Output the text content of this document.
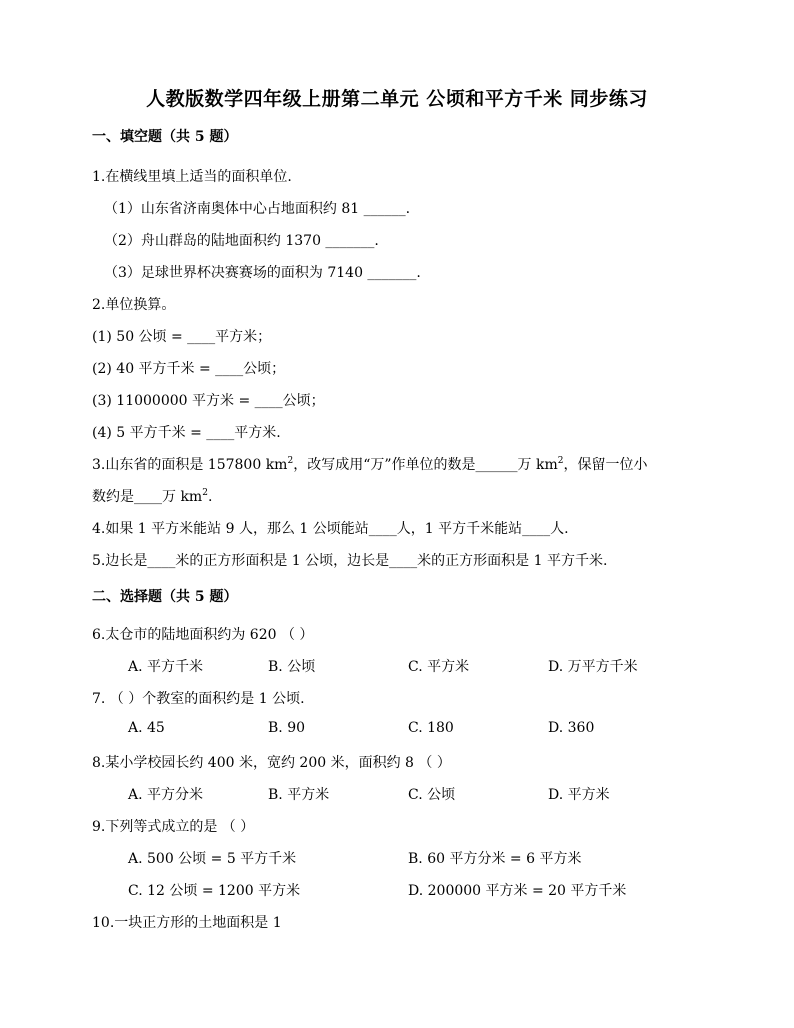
人教版数学四年级上册第二单元 公顷和平方千米 同步练习
一、填空题（共 5 题）
1.在横线里填上适当的面积单位.
（1）山东省济南奥体中心占地面积约 81 ______.
（2）舟山群岛的陆地面积约 1370 _______.
（3）足球世界杯决赛赛场的面积为 7140 _______.
2.单位换算。
(1) 50 公顷 = ____平方米；
(2) 40 平方千米 = ____公顷；
(3) 11000000 平方米 = ____公顷；
(4) 5 平方千米 = ____平方米.
3.山东省的面积是 157800 $km^2$，改写成用“万”作单位的数是______万 $km^2$，保留一位小
数约是____万 $km^2$.
4.如果 1 平方米能站 9 人，那么 1 公顷能站____人，1 平方千米能站____人.
5.边长是____米的正方形面积是 1 公顷，边长是____米的正方形面积是 1 平方千米.
二、选择题（共 5 题）
6.太仓市的陆地面积约为 620 （ ）
A. 平方千米	B. 公顷	C. 平方米	D. 万平方千米
7. （ ）个教室的面积约是 1 公顷.
A. 45	B. 90	C. 180	D. 360
8.某小学校园长约 400 米，宽约 200 米，面积约 8 （ ）
A. 平方分米	B. 平方米	C. 公顷	D. 平方米
9.下列等式成立的是 （ ）
A. 500 公顷 = 5 平方千米	B. 60 平方分米 = 6 平方米
C. 12 公顷 = 1200 平方米	D. 200000 平方米 = 20 平方千米
10.一块正方形的土地面积是 1
